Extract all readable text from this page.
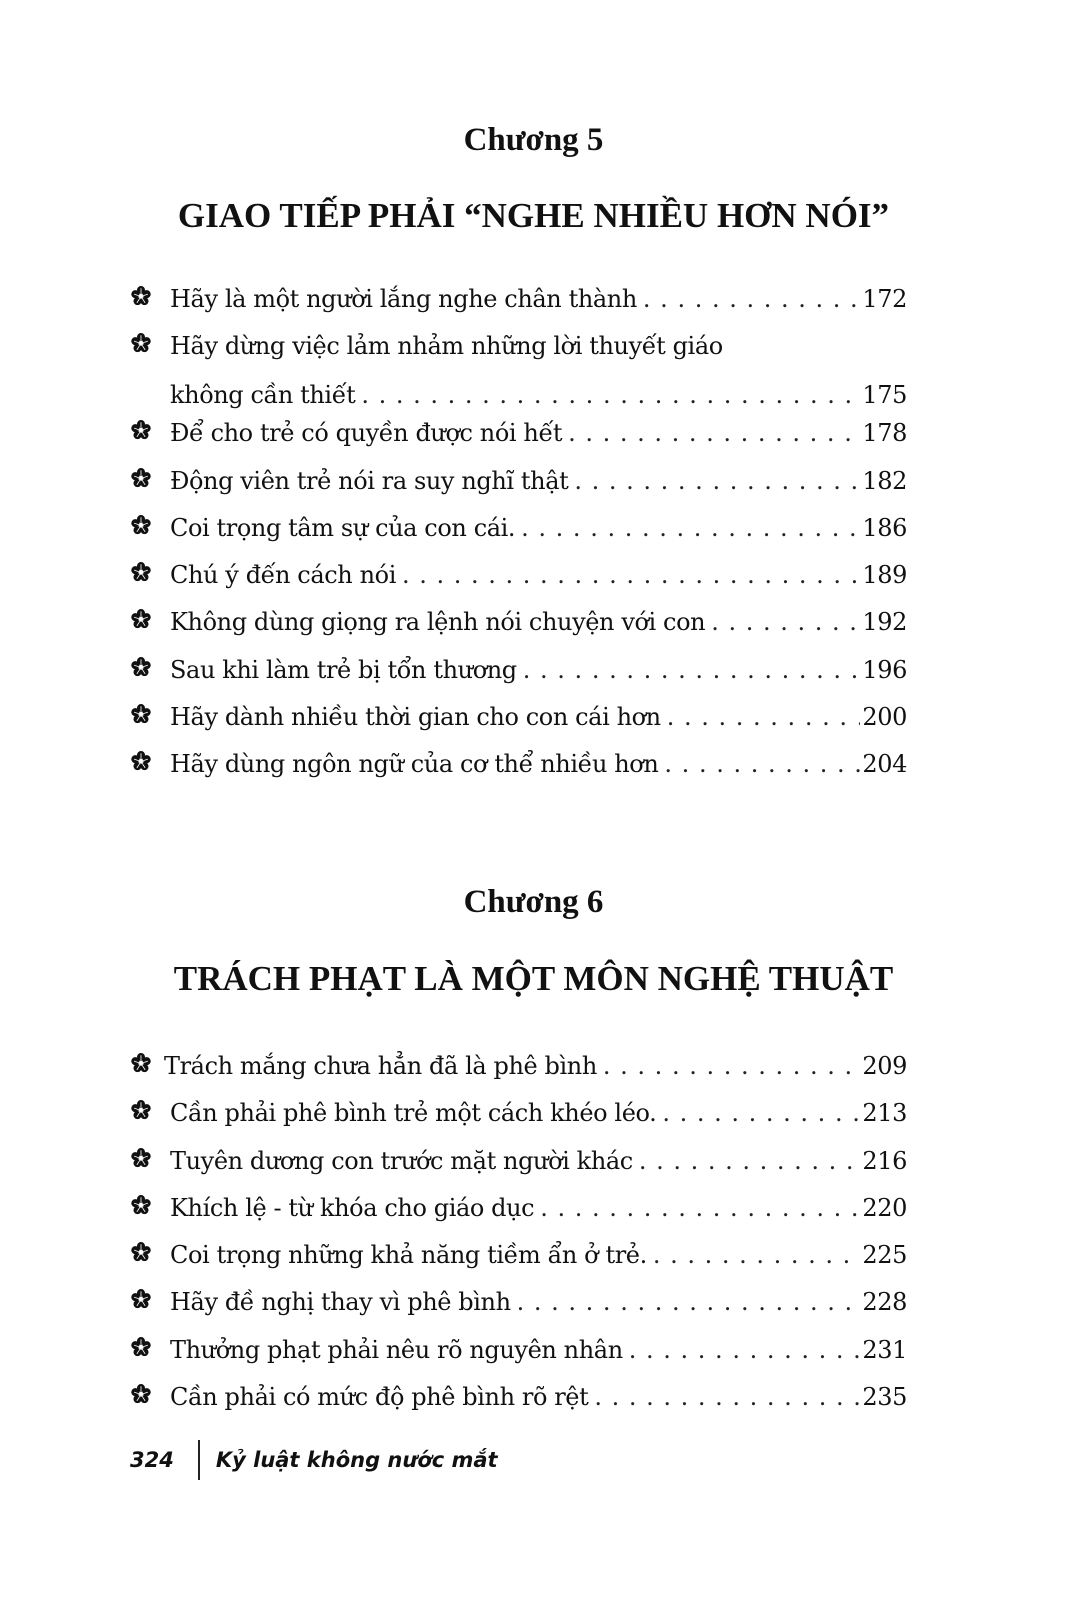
Chương 5
GIAO TIẾP PHẢI “NGHE NHIỀU HƠN NÓI”
Hãy là một người lắng nghe chân thành . . .	172
Hãy dừng việc lảm nhảm những lời thuyết giáo
không cần thiết . . .	175
Để cho trẻ có quyền được nói hết . . .	178
Động viên trẻ nói ra suy nghĩ thật . . .	182
Coi trọng tâm sự của con cái. . . .	186
Chú ý đến cách nói . . .	189
Không dùng giọng ra lệnh nói chuyện với con . . .	192
Sau khi làm trẻ bị tổn thương . . .	196
Hãy dành nhiều thời gian cho con cái hơn . . .	200
Hãy dùng ngôn ngữ của cơ thể nhiều hơn . . .	204
Chương 6
TRÁCH PHẠT LÀ MỘT MÔN NGHỆ THUẬT
Trách mắng chưa hẳn đã là phê bình . . .	209
Cần phải phê bình trẻ một cách khéo léo. . . .	213
Tuyên dương con trước mặt người khác . . .	216
Khích lệ - từ khóa cho giáo dục . . .	220
Coi trọng những khả năng tiềm ẩn ở trẻ. . . .	225
Hãy đề nghị thay vì phê bình . . .	228
Thưởng phạt phải nêu rõ nguyên nhân . . .	231
Cần phải có mức độ phê bình rõ rệt . . .	235
324 Kỷ luật không nước mắt
